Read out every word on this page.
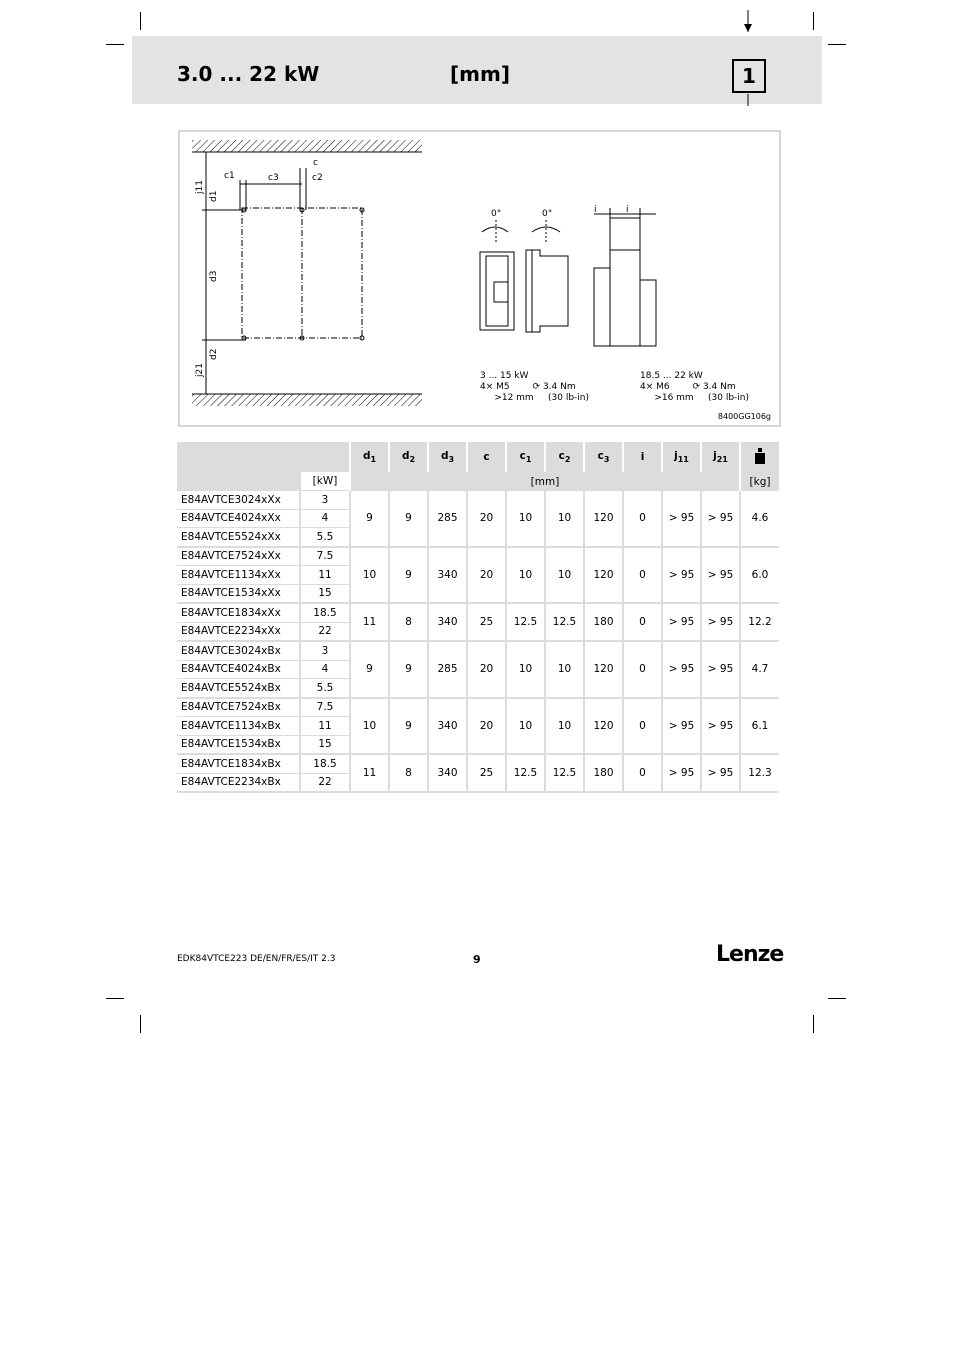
3.0 ... 22 kW	[mm]	1
c
c1	c3	c2
j11
d1
d3
d2
j21
0°	0°	i	i
3 ... 15 kW
4× M5	⟳ 3.4 Nm
>12 mm (30 lb-in)
18.5 ... 22 kW
4× M6	⟳ 3.4 Nm
>16 mm (30 lb-in)
8400GG106g
		$d_1$	$d_2$	$d_3$	c	$c_1$	$c_2$	$c_3$	i	$j_{11}$	$j_{21}$	
	[kW]	[mm]										[kg]
E84AVTCE3024xXx	3	9	9	285	20	10	10	120	0	> 95	> 95	4.6
E84AVTCE4024xXx	4											
E84AVTCE5524xXx	5.5											
E84AVTCE7524xXx	7.5	10	9	340	20	10	10	120	0	> 95	> 95	6.0
E84AVTCE1134xXx	11											
E84AVTCE1534xXx	15											
E84AVTCE1834xXx	18.5	11	8	340	25	12.5	12.5	180	0	> 95	> 95	12.2
E84AVTCE2234xXx	22											
E84AVTCE3024xBx	3	9	9	285	20	10	10	120	0	> 95	> 95	4.7
E84AVTCE4024xBx	4											
E84AVTCE5524xBx	5.5											
E84AVTCE7524xBx	7.5	10	9	340	20	10	10	120	0	> 95	> 95	6.1
E84AVTCE1134xBx	11											
E84AVTCE1534xBx	15											
E84AVTCE1834xBx	18.5	11	8	340	25	12.5	12.5	180	0	> 95	> 95	12.3
E84AVTCE2234xBx	22											
EDK84VTCE223 DE/EN/FR/ES/IT 2.3	9	Lenze
